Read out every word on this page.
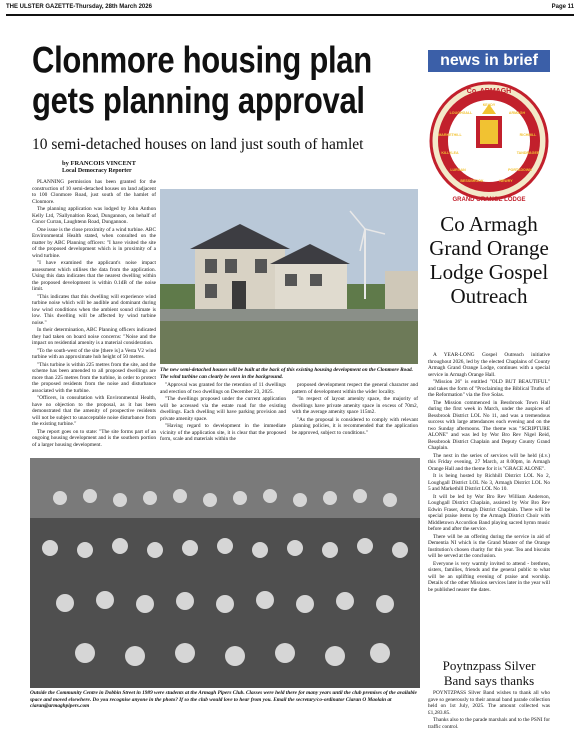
THE ULSTER GAZETTE-Thursday, 28th March 2026	Page 11
Clonmore housing plan gets planning approval
10 semi-detached houses on land just south of hamlet
by FRANCOIS VINCENT
Local Democracy Reporter

PLANNING permission has been granted for the construction of 10 semi-detached houses on land adjacent to 100 Clonmore Road, just south of the hamlet of Clonmore.

The planning application was lodged by John Anthon Kelly Ltd, 7Sallynaltion Road, Dungannon, on behalf of Conor Curran, Laughtenn Road, Dungannon.

One issue is the close proximity of a wind turbine. ABC Environmental Health stated, when consulted on the matter by ABC Planning officers: "I have visited the site of the proposed development which is in proximity of a wind turbine.

"I have examined the applicant's noise impact assessment which utilises the data from the application. Using this data indicates that the nearest dwelling within the proposed development is within 0.1dB of the noise limit.

"This indicates that this dwelling will experience wind turbine noise which will be audible and dominant during low wind conditions when the ambient sound climate is low. This dwelling will be affected by wind turbine noise."

In their determination, ABC Planning officers indicated they had taken on board noise concerns: "Noise and the impact on residential amenity is a material consideration.

"To the south-west of the site [there is] a Vesta V2 wind turbine with an approximate hub height of 50 metres.

"This turbine is within 225 metres from the site, and the scheme has been amended to all proposed dwellings are more than 225 metres from the turbine, in order to protect the proposed residents from the noise and disturbance associated with the turbine.

"Officers, in consultation with Environmental Health, have no objection to the proposal, as it has been demonstrated that the amenity of prospective residents will not be subject to unacceptable noise disturbance from the existing turbine."

The report goes on to state: "The site forms part of an ongoing housing development and is the southern portion of a larger housing development.

The new semi-detached houses will be built at the back of this existing housing development on the Clonmore Road. The wind turbine can clearly be seen in the background.

"Approval was granted for the retention of 11 dwellings and erection of two dwellings on December 23, 2025.

"The dwellings proposed under the current application will be accessed via the estate road for the existing dwellings. Each dwelling will have parking provision and private amenity space.

"Having regard to development in the immediate vicinity of the application site, it is clear that the proposed form, scale and materials within the

proposed development respect the general character and pattern of development within the wider locality.

"In respect of layout amenity space, the majority of dwellings have private amenity space in excess of 70m2, with the average amenity space 115m2.

"As the proposal is considered to comply with relevant planning policies, it is recommended that the application be approved, subject to conditions."

Outside the Community Centre in Dobbin Street in 1989 were students at the Armagh Pipers Club. Classes were held there for many years until the club premises of the available space and moved elsewhere. Do you recognise anyone in the photo? If so the club would love to hear from you. Email the secretary/co-ordinator Ciaran O Maolain at ciaran@armaghpipers.com
news in brief
Co. ARMAGH
GRAND ORANGE LODGE
LOUGHGALL	ARMAGH
MARKETHILL	RICHHILL
KILLYLEA	TANDRAGEE
LURGAN	PORTADOWN
BESSBROOK	NEWRY
KEADY
Co Armagh Grand Orange Lodge Gospel Outreach

A YEAR-LONG Gospel Outreach initiative throughout 2026, led by the elected Chaplains of County Armagh Grand Orange Lodge, continues with a special service in Armagh Orange Hall.

"Mission 26" is entitled "OLD BUT BEAUTIFUL" and takes the form of "Proclaiming the Biblical Truths of the Reformation" via the five Solas.

The Mission commenced in Bessbrook Town Hall during the first week in March, under the auspices of Bessbrook District LOL No 11, and was a tremendous success with large attendances each evening and on the two Sunday afternoons. The theme was "SCRIPTURE ALONE" and was led by Wor Bro Rev Nigel Reid, Bessbrook District Chaplain and Deputy County Grand Chaplain.

The next in the series of services will be held (d.v.) this Friday evening, 27 March, at 8.00pm, in Armagh Orange Hall and the theme for it is "GRACE ALONE".

It is being hosted by Richhill District LOL No 2, Loughgall District LOL No 3, Armagh District LOL No 5 and Markethill District LOL No 10.

It will be led by Wor Bro Rev William Anderson, Loughgall District Chaplain, assisted by Wor Bro Rev Edwin Fraser, Armagh District Chaplain. There will be special praise items by the Armagh District Choir with Middletown Accordion Band playing sacred hymn music before and after the service.

There will be an offering during the service in aid of Dementia NI which is the Grand Master of the Orange Institution's chosen charity for this year. Tea and biscuits will be served at the conclusion.

Everyone is very warmly invited to attend - brethren, sisters, families, friends and the general public to what will be an uplifting evening of praise and worship. Details of the other Mission services later in the year will be published nearer the dates.

Poytnzpass Silver Band says thanks

POYNTZPASS Silver Band wishes to thank all who gave so generously to their annual band parade collection held on 1st July, 2025. The amount collected was £1,283.85.

Thanks also to the parade marshals and to the PSNI for traffic control.
